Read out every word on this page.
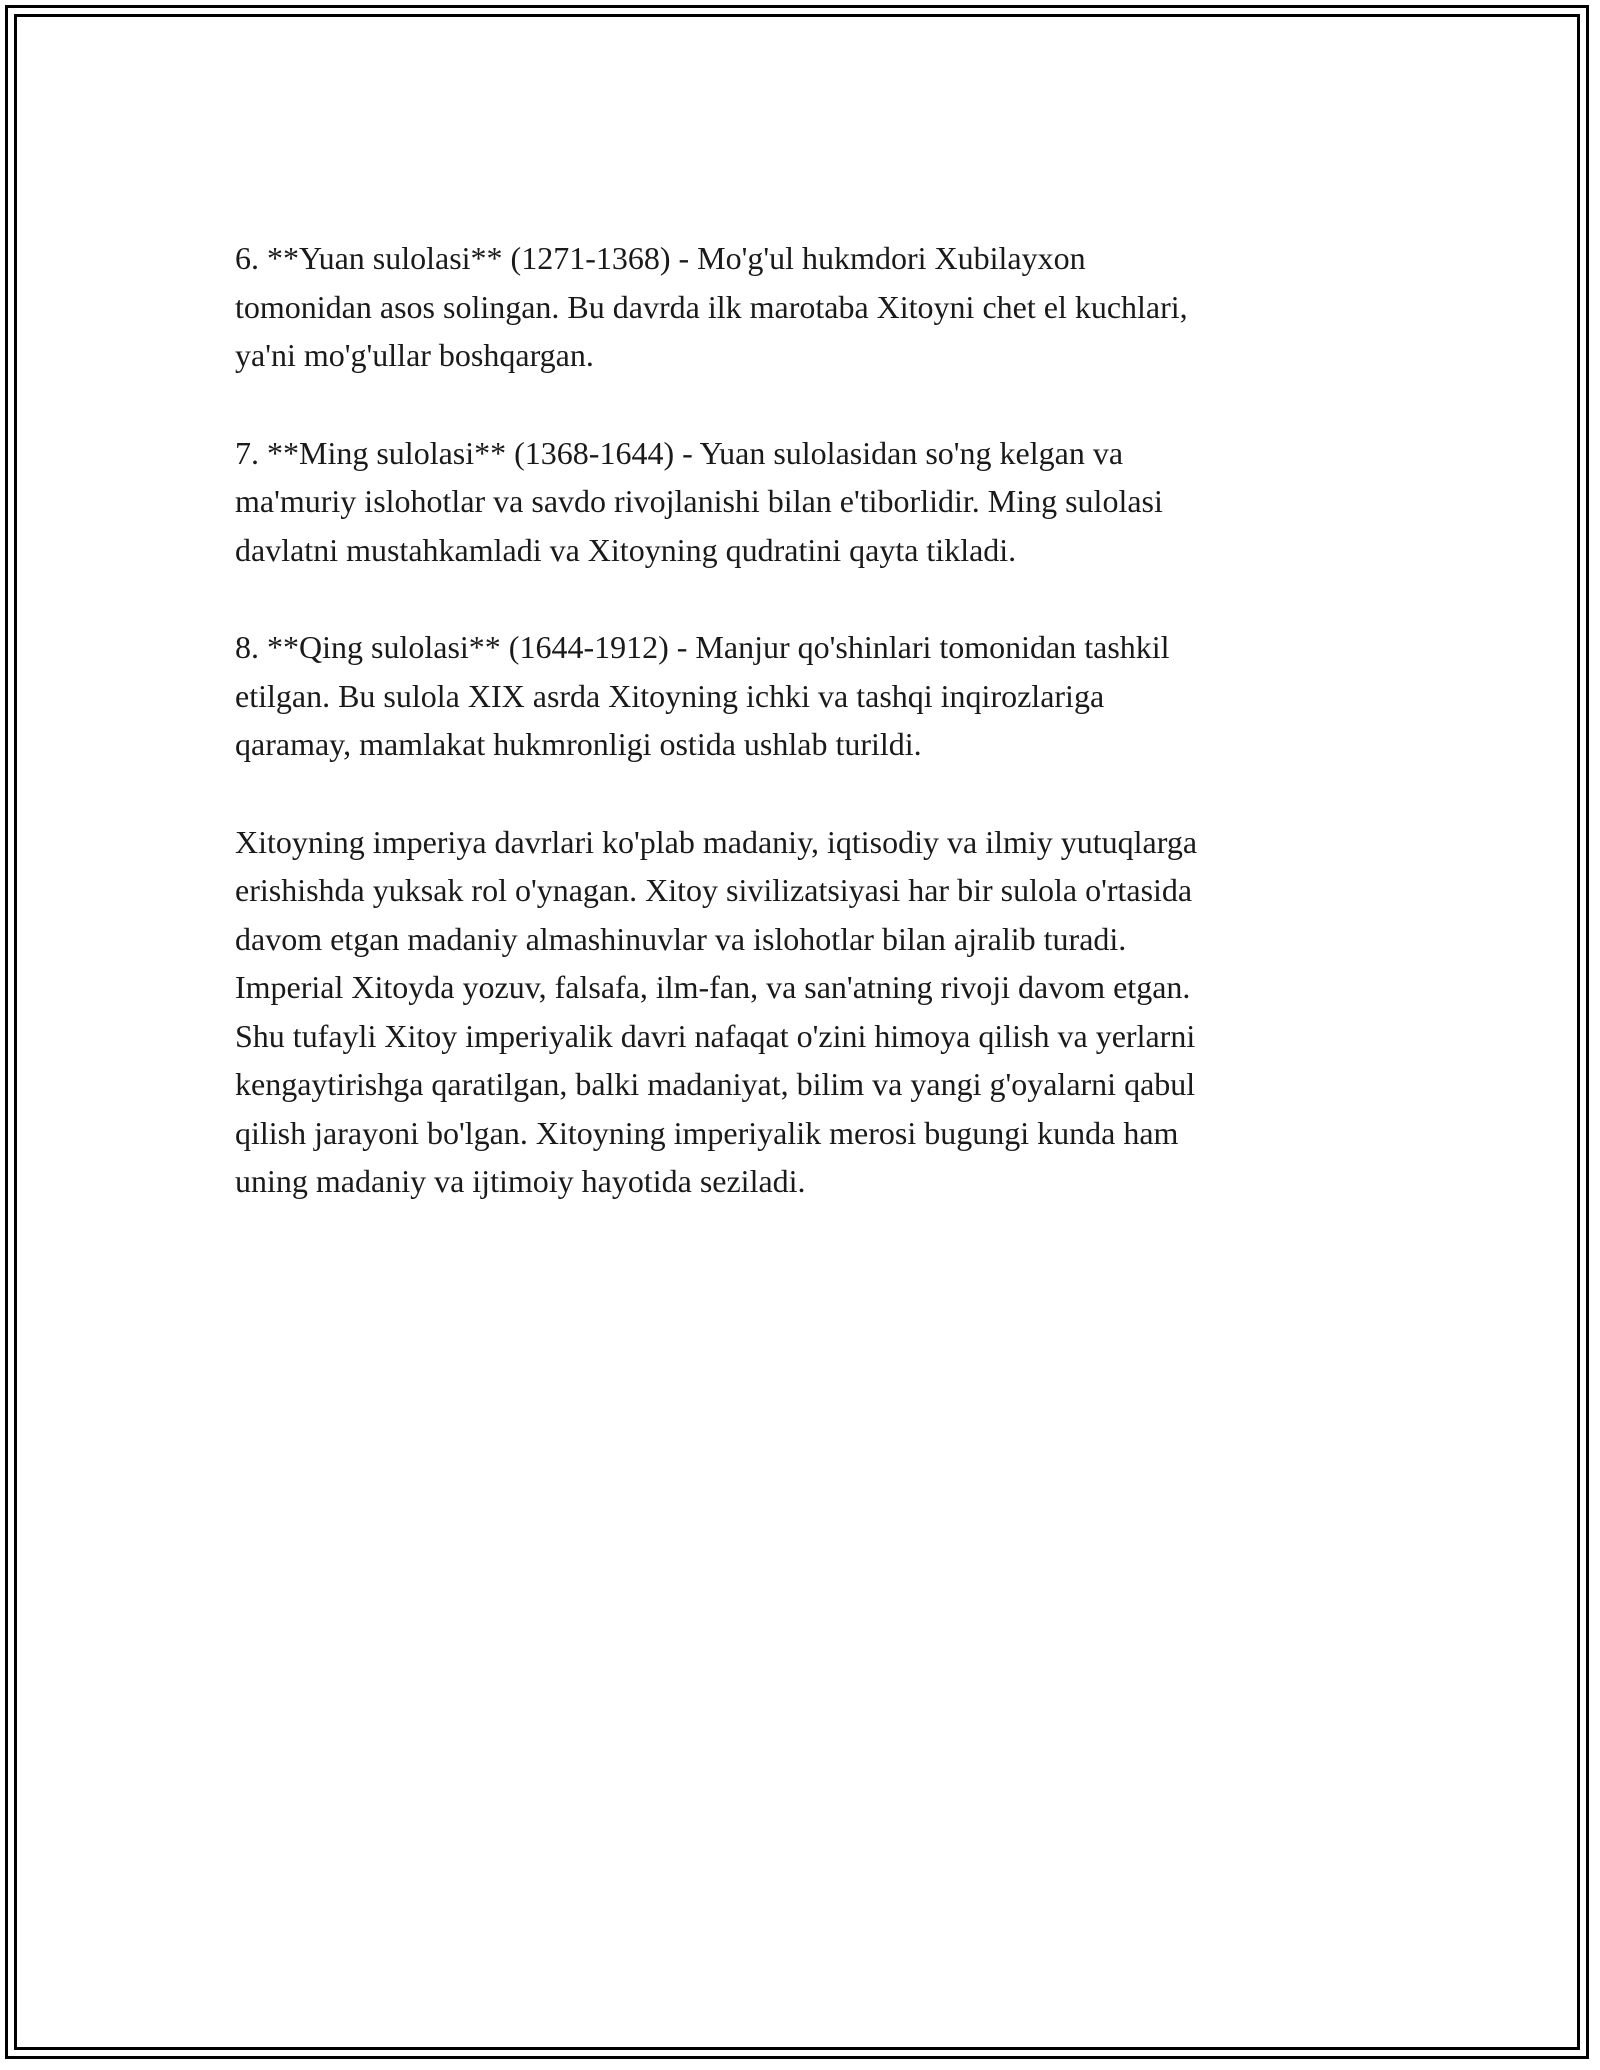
6. **Yuan sulolasi** (1271-1368) - Mo'g'ul hukmdori Xubilayxon
tomonidan asos solingan. Bu davrda ilk marotaba Xitoyni chet el kuchlari,
ya'ni mo'g'ullar boshqargan.

7. **Ming sulolasi** (1368-1644) - Yuan sulolasidan so'ng kelgan va
ma'muriy islohotlar va savdo rivojlanishi bilan e'tiborlidir. Ming sulolasi
davlatni mustahkamladi va Xitoyning qudratini qayta tikladi.

8. **Qing sulolasi** (1644-1912) - Manjur qo'shinlari tomonidan tashkil
etilgan. Bu sulola XIX asrda Xitoyning ichki va tashqi inqirozlariga
qaramay, mamlakat hukmronligi ostida ushlab turildi.

Xitoyning imperiya davrlari ko'plab madaniy, iqtisodiy va ilmiy yutuqlarga
erishishda yuksak rol o'ynagan. Xitoy sivilizatsiyasi har bir sulola o'rtasida
davom etgan madaniy almashinuvlar va islohotlar bilan ajralib turadi.
Imperial Xitoyda yozuv, falsafa, ilm-fan, va san'atning rivoji davom etgan.
Shu tufayli Xitoy imperiyalik davri nafaqat o'zini himoya qilish va yerlarni
kengaytirishga qaratilgan, balki madaniyat, bilim va yangi g'oyalarni qabul
qilish jarayoni bo'lgan. Xitoyning imperiyalik merosi bugungi kunda ham
uning madaniy va ijtimoiy hayotida seziladi.
